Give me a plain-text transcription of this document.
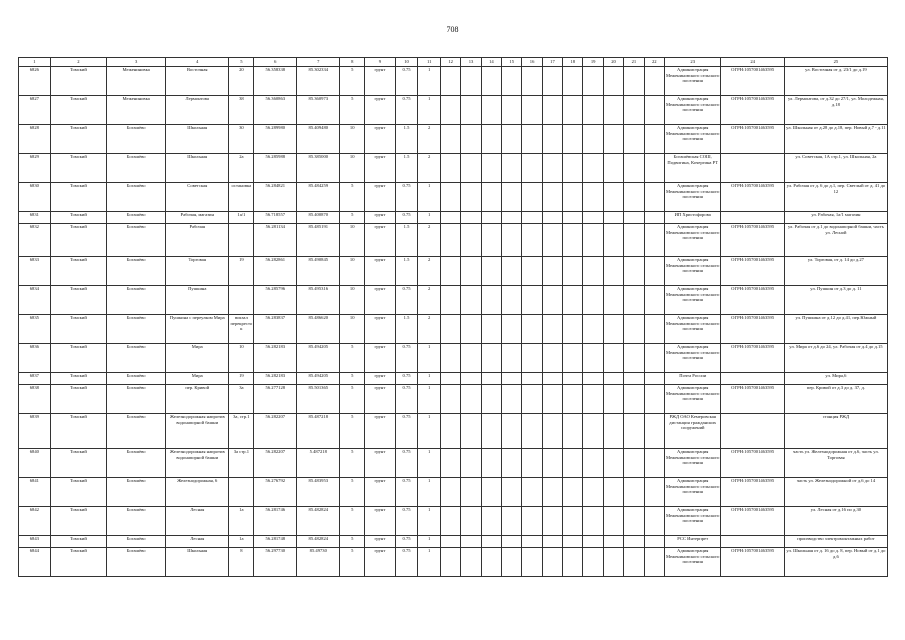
708
1	2	3	4	5	6	7	8	9	10	11	12	13	14	15	16	17	18	19	20	21	22	23	24	25
6826	Томский	Межениновка	Восточная	20	56.358338	85.302334	5	грунт	0.75	1												Администрация Межениновского сельского поселения	ОГРН:1057001463595	ул. Восточная от д. 23/1 до д.19
6827	Томский	Межениновка	Лермонтова	38	56.360863	85.360973	5	грунт	0.75	1												Администрация Межениновского сельского поселения	ОГРН:1057001463595	ул. Лермонтова, от д.32 до 27/1, ул. Молодежная, д.18
6828	Томский	Богашёво	Школьная	30	56.289980	85.409480	10	грунт	1.5	2												Администрация Межениновского сельского поселения	ОГРН:1057001463595	ул. Школьная от д.28 до д.18, пер. Новый д.7 - д.11
6829	Томский	Богашёво	Школьная	2а	56.285988	85.385000	10	грунт	1.5	2												Богашёвская СОШ, Подвигина, Кочергина РТ		ул. Советская, 1А стр.1, ул. Школьная, 2а
6830	Томский	Богашёво	Советская	остановка	56.284821	85.484259	5	грунт	0.75	1												Администрация Межениновского сельского поселения	ОГРН:1057001463595	ул. Рабочая от д. 6 до д.1, пер. Светлый от д. 41 до 12
6831	Томский	Богашёво	Рабочая, магазин	1а/1	56.718557	85.400870	5	грунт	0.75	1												ИП Христофорова		ул. Рабочая, 1а/1 магазин
6832	Томский	Богашёво	Рабочая		56.281134	85.485191	10	грунт	1.5	2												Администрация Межениновского сельского поселения	ОГРН:1057001463595	ул. Рабочая от д.1 до водонапорной башни, часть ул. Лесной
6833	Томский	Богашёво	Торговая	19	56.282861	85.490845	10	грунт	1.5	2												Администрация Межениновского сельского поселения	ОГРН:1057001463595	ул. Торговая, от д. 14 до д.27
6834	Томский	Богашёво	Пушкина		56.285796	85.495316	10	грунт	0.75	2												Администрация Межениновского сельского поселения	ОГРН:1057001463595	ул. Пушкин от д.3 до д. 11
6835	Томский	Богашёво	Пушкина с переулком Мира	вокзал перекресток	56.283837	85.486620	10	грунт	1.5	2												Администрация Межениновского сельского поселения	ОГРН:1057001463595	ул. Пушкина от д.12 до д.41, пер.Южный
6836	Томский	Богашёво	Мира	10	56.282183	85.494205	5	грунт	0.75	1												Администрация Межениновского сельского поселения	ОГРН:1057001463595	ул. Мира от д.6 до 24, ул. Рабочая от д.4 до д.15
6837	Томский	Богашёво	Мира	19	56.282183	85.494205	5	грунт	0.75	1												Почта России		ул. Мира,6
6838	Томский	Богашёво	пер. Кривой	3а	56.277128	85.501365	5	грунт	0.75	1												Администрация Межениновского сельского поселения	ОГРН:1057001463595	пер. Кривой от д.3 до д. 37, д.
6839	Томский	Богашёво	Железнодорожная напротив водонапорной башни	3а, стр.1	56.282207	85.487218	5	грунт	0.75	1												РЖД ОАО Кемеровская дистанция гражданских сооружений		станция РЖД
6840	Томский	Богашёво	Железнодорожная напротив водонапорной башни	3а стр.1	56.282207	5.487218	5	грунт	0.75	1												Администрация Межениновского сельского поселения	ОГРН:1057001463595	часть ул. Железнодорожная от д.6, часть ул. Торговая
6841	Томский	Богашёво	Железнодорожная, 6		56.276792	85.483953	5	грунт	0.75	1												Администрация Межениновского сельского поселения	ОГРН:1057001463595	часть ул. Железнодорожной от д.6 до 14
6842	Томский	Богашёво	Лесная	1а	56.281746	85.482824	5	грунт	0.75	1												Администрация Межениновского сельского поселения	ОГРН:1057001463595	ул. Лесная от д.16 по д.30
6843	Томский	Богашёво	Лесная	1а	56.281748	85.482824	5	грунт	0.75	1												РСС Интерпрет		производство электромонтажных работ
6844	Томский	Богашёво	Школьная	8	56.297730	85.49730	5	грунт	0.75	1												Администрация Межениновского сельского поселения	ОГРН:1057001463595	ул. Школьная от д. 16 до д. 8, пер. Новый от д.1 до д.6
